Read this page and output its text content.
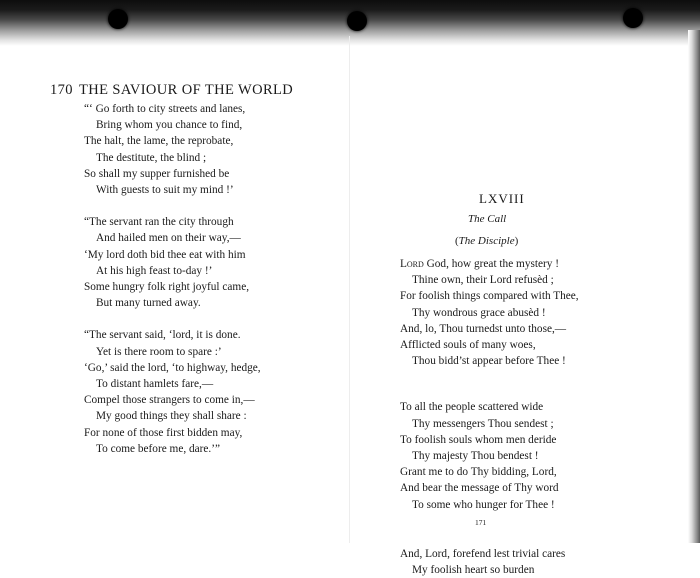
170 THE SAVIOUR OF THE WORLD
“‘ Go forth to city streets and lanes,
Bring whom you chance to find,
The halt, the lame, the reprobate,
The destitute, the blind ;
So shall my supper furnished be
With guests to suit my mind !’
“The servant ran the city through
And hailed men on their way,—
‘My lord doth bid thee eat with him
At his high feast to-day !’
Some hungry folk right joyful came,
But many turned away.
“The servant said, ‘lord, it is done.
Yet is there room to spare :’
‘Go,’ said the lord, ‘to highway, hedge,
To distant hamlets fare,—
Compel those strangers to come in,—
My good things they shall share :
For none of those first bidden may,
To come before me, dare.’”
LXVIII
The Call
(The Disciple)
Lord God, how great the mystery !
Thine own, their Lord refusèd ;
For foolish things compared with Thee,
Thy wondrous grace abusèd !
And, lo, Thou turnedst unto those,—
Afflicted souls of many woes,
Thou bidd’st appear before Thee !
To all the people scattered wide
Thy messengers Thou sendest ;
To foolish souls whom men deride
Thy majesty Thou bendest !
Grant me to do Thy bidding, Lord,
And bear the message of Thy word
To some who hunger for Thee !
And, Lord, forefend lest trivial cares
My foolish heart so burden
171
